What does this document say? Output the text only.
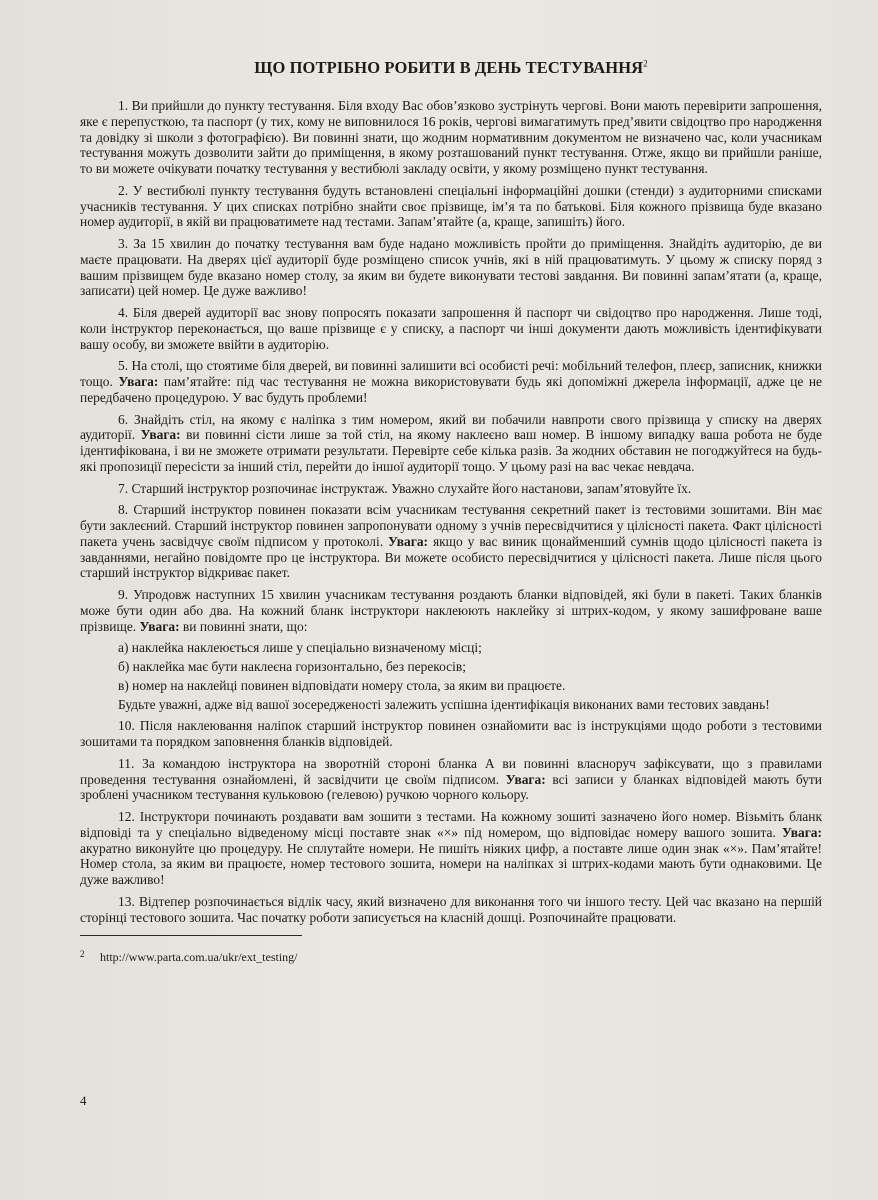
ЩО ПОТРІБНО РОБИТИ В ДЕНЬ ТЕСТУВАННЯ$^2$

1. Ви прийшли до пункту тестування. Біля входу Вас обов’язково зустрінуть чергові. Вони мають перевірити запрошення, яке є перепусткою, та паспорт (у тих, кому не виповнилося 16 років, чергові вимагатимуть пред’явити свідоцтво про народження та довідку зі школи з фотографією). Ви повинні знати, що жодним нормативним документом не визначено час, коли учасникам тестування можуть дозволити зайти до приміщення, в якому розташований пункт тестування. Отже, якщо ви прийшли раніше, то ви можете очікувати початку тестування у вестибюлі закладу освіти, у якому розміщено пункт тестування.

2. У вестибюлі пункту тестування будуть встановлені спеціальні інформаційні дошки (стенди) з аудиторними списками учасників тестування. У цих списках потрібно знайти своє прізвище, ім’я та по батькові. Біля кожного прізвища буде вказано номер аудиторії, в якій ви працюватимете над тестами. Запам’ятайте (а, краще, запишіть) його.

3. За 15 хвилин до початку тестування вам буде надано можливість пройти до приміщення. Знайдіть аудиторію, де ви маєте працювати. На дверях цієї аудиторії буде розміщено список учнів, які в ній працюватимуть. У цьому ж списку поряд з вашим прізвищем буде вказано номер столу, за яким ви будете виконувати тестові завдання. Ви повинні запам’ятати (а, краще, записати) цей номер. Це дуже важливо!

4. Біля дверей аудиторії вас знову попросять показати запрошення й паспорт чи свідоцтво про народження. Лише тоді, коли інструктор переконається, що ваше прізвище є у списку, а паспорт чи інші документи дають можливість ідентифікувати вашу особу, ви зможете ввійти в аудиторію.

5. На столі, що стоятиме біля дверей, ви повинні залишити всі особисті речі: мобільний телефон, плеєр, записник, книжки тощо. Увага: пам’ятайте: під час тестування не можна використовувати будь які допоміжні джерела інформації, адже це не передбачено процедурою. У вас будуть проблеми!

6. Знайдіть стіл, на якому є наліпка з тим номером, який ви побачили навпроти свого прізвища у списку на дверях аудиторії. Увага: ви повинні сісти лише за той стіл, на якому наклеєно ваш номер. В іншому випадку ваша робота не буде ідентифікована, і ви не зможете отримати результати. Перевірте себе кілька разів. За жодних обставин не погоджуйтеся на будь-які пропозиції пересісти за інший стіл, перейти до іншої аудиторії тощо. У цьому разі на вас чекає невдача.

7. Старший інструктор розпочинає інструктаж. Уважно слухайте його настанови, запам’ятовуйте їх.

8. Старший інструктор повинен показати всім учасникам тестування секретний пакет із тестовими зошитами. Він має бути заклеєний. Старший інструктор повинен запропонувати одному з учнів пересвідчитися у цілісності пакета. Факт цілісності пакета учень засвідчує своїм підписом у протоколі. Увага: якщо у вас виник щонайменший сумнів щодо цілісності пакета із завданнями, негайно повідомте про це інструктора. Ви можете особисто пересвідчитися у цілісності пакета. Лише після цього старший інструктор відкриває пакет.

9. Упродовж наступних 15 хвилин учасникам тестування роздають бланки відповідей, які були в пакеті. Таких бланків може бути один або два. На кожний бланк інструктори наклеюють наклейку зі штрих-кодом, у якому зашифроване ваше прізвище. Увага: ви повинні знати, що:

а) наклейка наклеюється лише у спеціально визначеному місці;

б) наклейка має бути наклеєна горизонтально, без перекосів;

в) номер на наклейці повинен відповідати номеру стола, за яким ви працюєте.

Будьте уважні, адже від вашої зосередженості залежить успішна ідентифікація виконаних вами тестових завдань!

10. Після наклеювання наліпок старший інструктор повинен ознайомити вас із інструкціями щодо роботи з тестовими зошитами та порядком заповнення бланків відповідей.

11. За командою інструктора на зворотній стороні бланка А ви повинні власноруч зафіксувати, що з правилами проведення тестування ознайомлені, й засвідчити це своїм підписом. Увага: всі записи у бланках відповідей мають бути зроблені учасником тестування кульковою (гелевою) ручкою чорного кольору.

12. Інструктори починають роздавати вам зошити з тестами. На кожному зошиті зазначено його номер. Візьміть бланк відповіді та у спеціально відведеному місці поставте знак «×» під номером, що відповідає номеру вашого зошита. Увага: акуратно виконуйте цю процедуру. Не сплутайте номери. Не пишіть ніяких цифр, а поставте лише один знак «×». Пам’ятайте! Номер стола, за яким ви працюєте, номер тестового зошита, номери на наліпках зі штрих-кодами мають бути однаковими. Це дуже важливо!

13. Відтепер розпочинається відлік часу, який визначено для виконання того чи іншого тесту. Цей час вказано на першій сторінці тестового зошита. Час початку роботи записується на класній дошці. Розпочинайте працювати.

2	http://www.parta.com.ua/ukr/ext_testing/
4
